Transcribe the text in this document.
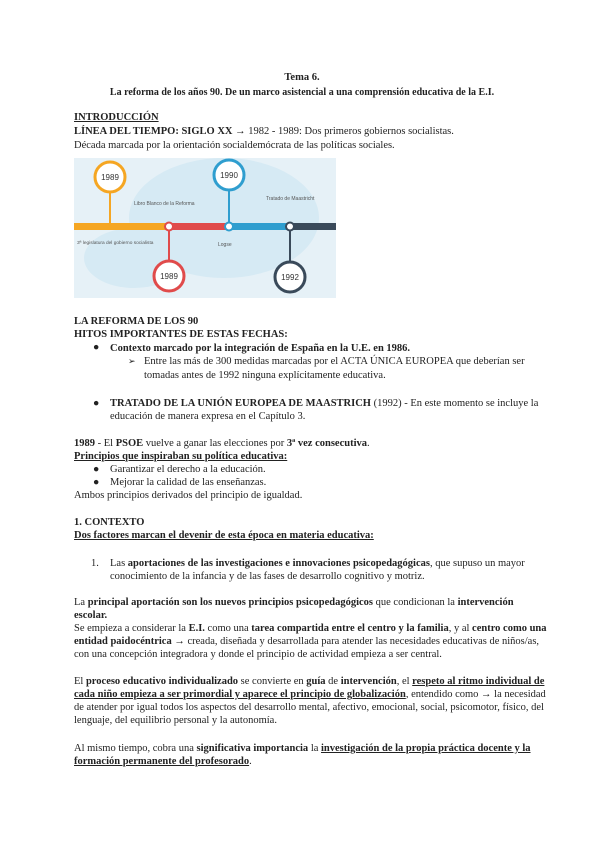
Tema 6.
La reforma de los años 90. De un marco asistencial a una comprensión educativa de la E.I.
INTRODUCCIÓN
LÍNEA DEL TIEMPO: SIGLO XX → 1982 - 1989: Dos primeros gobiernos socialistas.
Década marcada por la orientación socialdemócrata de las políticas sociales.
1989	1990
1989	1992
Libro Blanco de la Reforma
Tratado de Maastricht
Logse
3ª legislatura del gobierno socialista
LA REFORMA DE LOS 90
HITOS IMPORTANTES DE ESTAS FECHAS:
● Contexto marcado por la integración de España en la U.E. en 1986.
➢ Entre las más de 300 medidas marcadas por el ACTA ÚNICA EUROPEA que deberían ser
tomadas antes de 1992 ninguna explícitamente educativa.
● TRATADO DE LA UNIÓN EUROPEA DE MAASTRICH (1992) - En este momento se incluye la
educación de manera expresa en el Capítulo 3.
1989 - El PSOE vuelve a ganar las elecciones por 3ª vez consecutiva.
Principios que inspiraban su política educativa:
● Garantizar el derecho a la educación.
● Mejorar la calidad de las enseñanzas.
Ambos principios derivados del principio de igualdad.
1. CONTEXTO
Dos factores marcan el devenir de esta época en materia educativa:
1. Las aportaciones de las investigaciones e innovaciones psicopedagógicas, que supuso un mayor
conocimiento de la infancia y de las fases de desarrollo cognitivo y motriz.
La principal aportación son los nuevos principios psicopedagógicos que condicionan la intervención
escolar.
Se empieza a considerar la E.I. como una tarea compartida entre el centro y la familia, y al centro como una
entidad paidocéntrica → creada, diseñada y desarrollada para atender las necesidades educativas de niños/as,
con una concepción integradora y donde el principio de actividad empieza a ser central.
El proceso educativo individualizado se convierte en guía de intervención, el respeto al ritmo individual de
cada niño empieza a ser primordial y aparece el principio de globalización, entendido como → la necesidad
de atender por igual todos los aspectos del desarrollo mental, afectivo, emocional, social, psicomotor, físico, del
lenguaje, del equilibrio personal y la autonomía.
Al mismo tiempo, cobra una significativa importancia la investigación de la propia práctica docente y la
formación permanente del profesorado.
